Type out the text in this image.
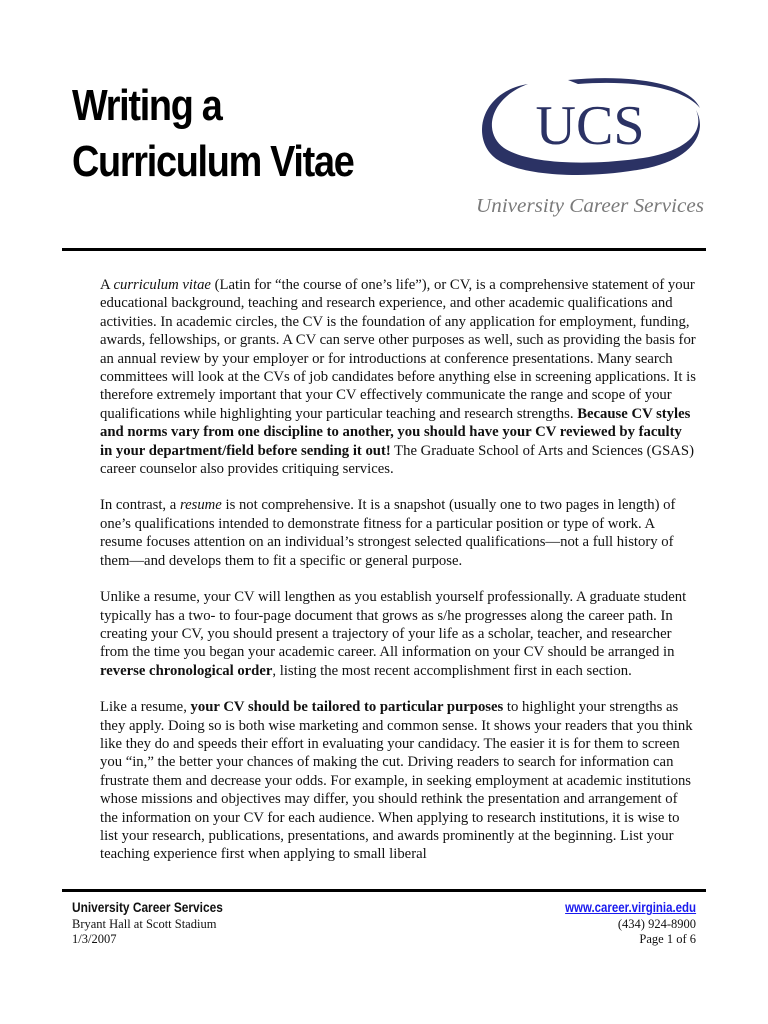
Writing a
Curriculum Vitae
UCS
University Career Services

A curriculum vitae (Latin for “the course of one’s life”), or CV, is a comprehensive statement of your educational background, teaching and research experience, and other academic qualifications and activities. In academic circles, the CV is the foundation of any application for employment, funding, awards, fellowships, or grants. A CV can serve other purposes as well, such as providing the basis for an annual review by your employer or for introductions at conference presentations. Many search committees will look at the CVs of job candidates before anything else in screening applications. It is therefore extremely important that your CV effectively communicate the range and scope of your qualifications while highlighting your particular teaching and research strengths. Because CV styles and norms vary from one discipline to another, you should have your CV reviewed by faculty in your department/field before sending it out! The Graduate School of Arts and Sciences (GSAS) career counselor also provides critiquing services.

In contrast, a resume is not comprehensive. It is a snapshot (usually one to two pages in length) of one’s qualifications intended to demonstrate fitness for a particular position or type of work. A resume focuses attention on an individual’s strongest selected qualifications—not a full history of them—and develops them to fit a specific or general purpose.

Unlike a resume, your CV will lengthen as you establish yourself professionally. A graduate student typically has a two- to four-page document that grows as s/he progresses along the career path. In creating your CV, you should present a trajectory of your life as a scholar, teacher, and researcher from the time you began your academic career. All information on your CV should be arranged in reverse chronological order, listing the most recent accomplishment first in each section.

Like a resume, your CV should be tailored to particular purposes to highlight your strengths as they apply. Doing so is both wise marketing and common sense. It shows your readers that you think like they do and speeds their effort in evaluating your candidacy. The easier it is for them to screen you “in,” the better your chances of making the cut. Driving readers to search for information can frustrate them and decrease your odds. For example, in seeking employment at academic institutions whose missions and objectives may differ, you should rethink the presentation and arrangement of the information on your CV for each audience. When applying to research institutions, it is wise to list your research, publications, presentations, and awards prominently at the beginning. List your teaching experience first when applying to small liberal

University Career Services
Bryant Hall at Scott Stadium
1/3/2007
www.career.virginia.edu
(434) 924-8900
Page 1 of 6
